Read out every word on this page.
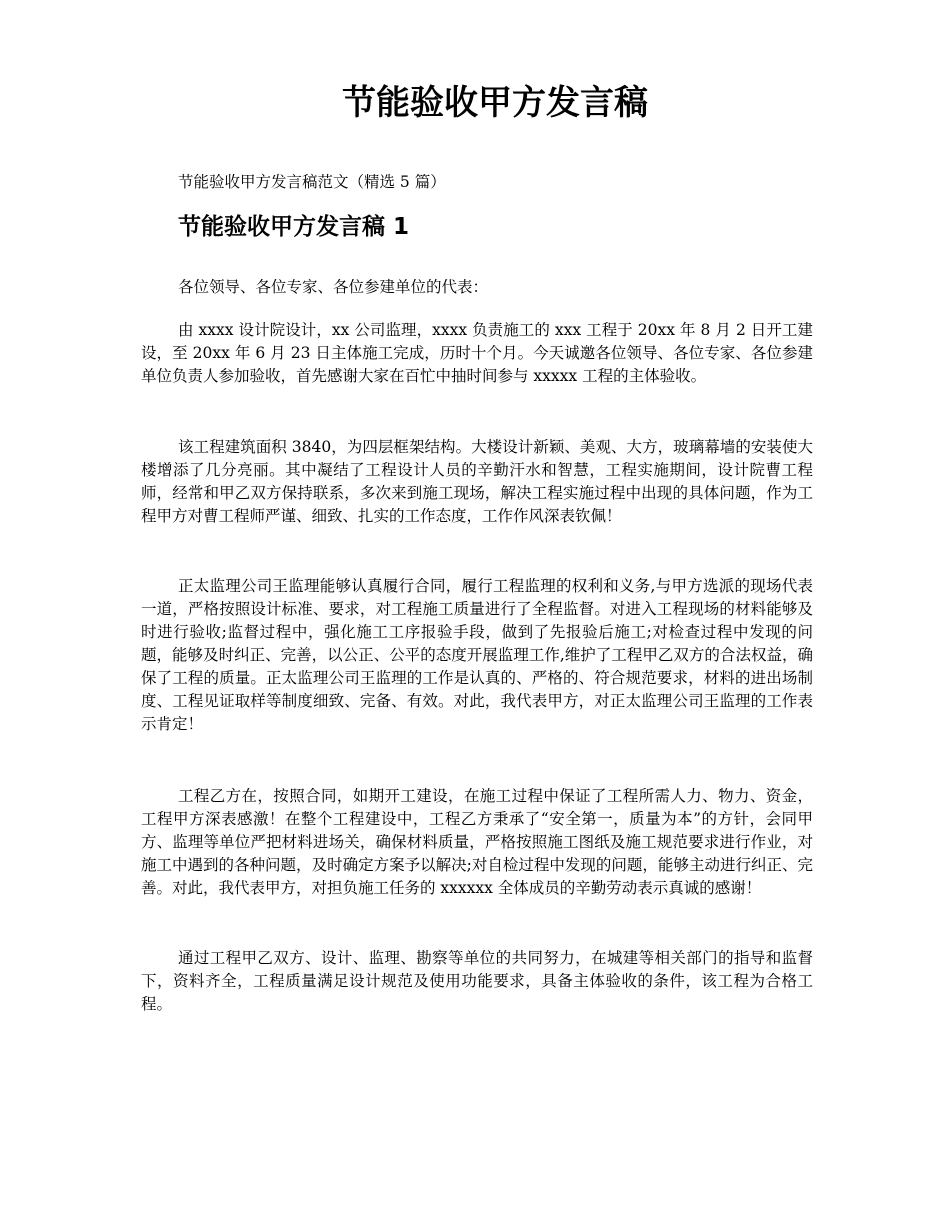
节能验收甲方发言稿

节能验收甲方发言稿范文（精选 5 篇）

节能验收甲方发言稿 1

各位领导、各位专家、各位参建单位的代表：

由 xxxx 设计院设计，xx 公司监理，xxxx 负责施工的 xxx 工程于 20xx 年 8 月 2 日开工建设，至 20xx 年 6 月 23 日主体施工完成，历时十个月。今天诚邀各位领导、各位专家、各位参建单位负责人参加验收，首先感谢大家在百忙中抽时间参与 xxxxx 工程的主体验收。

该工程建筑面积 3840，为四层框架结构。大楼设计新颖、美观、大方，玻璃幕墙的安装使大楼增添了几分亮丽。其中凝结了工程设计人员的辛勤汗水和智慧，工程实施期间，设计院曹工程师，经常和甲乙双方保持联系，多次来到施工现场，解决工程实施过程中出现的具体问题，作为工程甲方对曹工程师严谨、细致、扎实的工作态度，工作作风深表钦佩！

正太监理公司王监理能够认真履行合同，履行工程监理的权利和义务,与甲方选派的现场代表一道，严格按照设计标准、要求，对工程施工质量进行了全程监督。对进入工程现场的材料能够及时进行验收;监督过程中，强化施工工序报验手段，做到了先报验后施工;对检查过程中发现的问题，能够及时纠正、完善，以公正、公平的态度开展监理工作,维护了工程甲乙双方的合法权益，确保了工程的质量。正太监理公司王监理的工作是认真的、严格的、符合规范要求，材料的进出场制度、工程见证取样等制度细致、完备、有效。对此，我代表甲方，对正太监理公司王监理的工作表示肯定！

工程乙方在，按照合同，如期开工建设，在施工过程中保证了工程所需人力、物力、资金，工程甲方深表感激！在整个工程建设中，工程乙方秉承了“安全第一，质量为本”的方针，会同甲方、监理等单位严把材料进场关，确保材料质量，严格按照施工图纸及施工规范要求进行作业，对施工中遇到的各种问题，及时确定方案予以解决;对自检过程中发现的问题，能够主动进行纠正、完善。对此，我代表甲方，对担负施工任务的 xxxxxx 全体成员的辛勤劳动表示真诚的感谢！

通过工程甲乙双方、设计、监理、勘察等单位的共同努力，在城建等相关部门的指导和监督下，资料齐全，工程质量满足设计规范及使用功能要求，具备主体验收的条件，该工程为合格工程。
